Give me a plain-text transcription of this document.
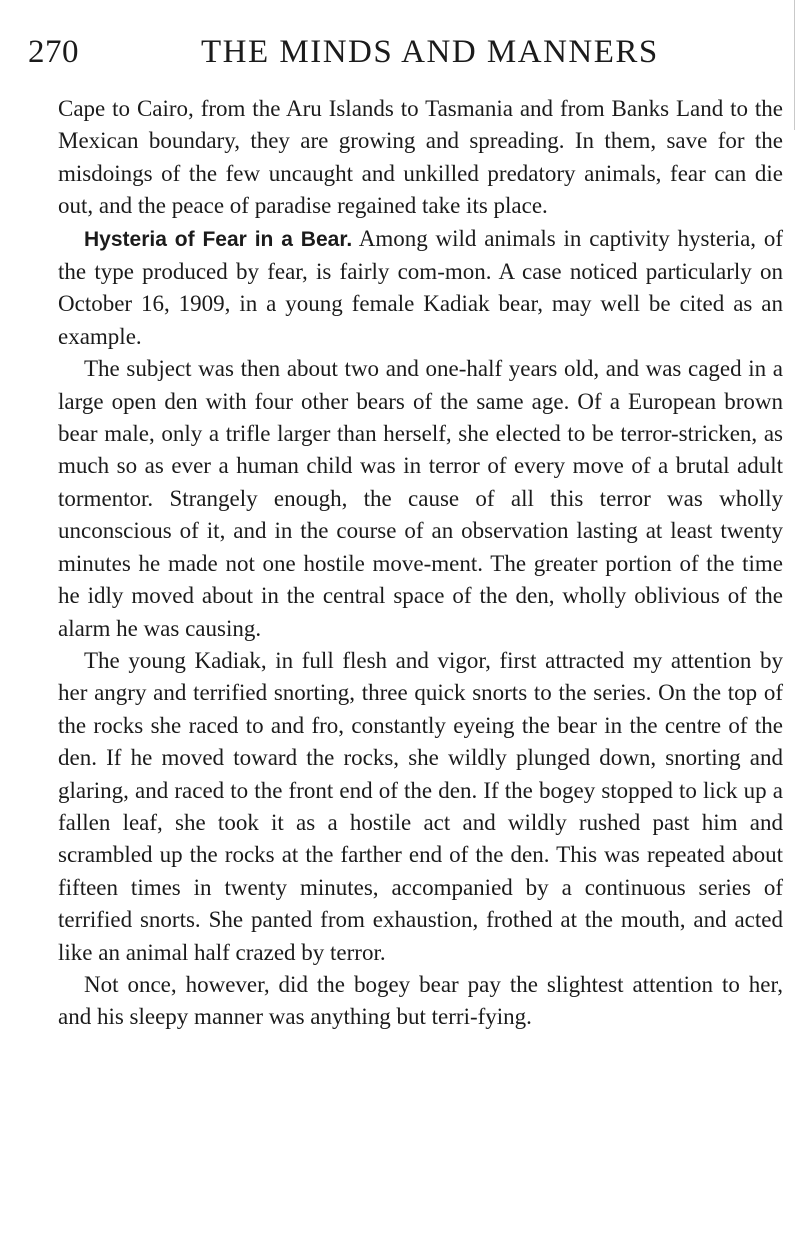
270	THE MINDS AND MANNERS

Cape to Cairo, from the Aru Islands to Tasmania and from Banks Land to the Mexican boundary, they are growing and spreading. In them, save for the misdoings of the few uncaught and unkilled predatory animals, fear can die out, and the peace of paradise regained take its place.

Hysteria of Fear in a Bear. Among wild animals in captivity hysteria, of the type produced by fear, is fairly com-mon. A case noticed particularly on October 16, 1909, in a young female Kadiak bear, may well be cited as an example.

The subject was then about two and one-half years old, and was caged in a large open den with four other bears of the same age. Of a European brown bear male, only a trifle larger than herself, she elected to be terror-stricken, as much so as ever a human child was in terror of every move of a brutal adult tormentor. Strangely enough, the cause of all this terror was wholly unconscious of it, and in the course of an observation lasting at least twenty minutes he made not one hostile move-ment. The greater portion of the time he idly moved about in the central space of the den, wholly oblivious of the alarm he was causing.

The young Kadiak, in full flesh and vigor, first attracted my attention by her angry and terrified snorting, three quick snorts to the series. On the top of the rocks she raced to and fro, constantly eyeing the bear in the centre of the den. If he moved toward the rocks, she wildly plunged down, snorting and glaring, and raced to the front end of the den. If the bogey stopped to lick up a fallen leaf, she took it as a hostile act and wildly rushed past him and scrambled up the rocks at the farther end of the den. This was repeated about fifteen times in twenty minutes, accompanied by a continuous series of terrified snorts. She panted from exhaustion, frothed at the mouth, and acted like an animal half crazed by terror.

Not once, however, did the bogey bear pay the slightest attention to her, and his sleepy manner was anything but terri-fying.
